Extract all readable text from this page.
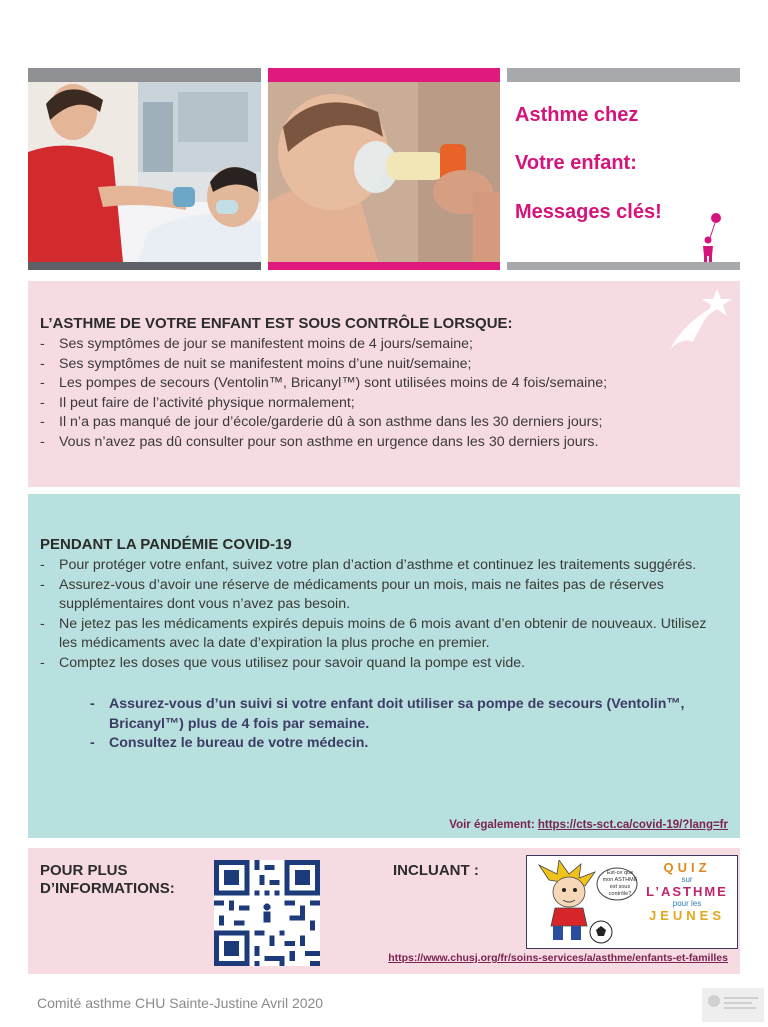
Asthme chez
Votre enfant:
Messages clés!
L’ASTHME DE VOTRE ENFANT EST SOUS CONTRÔLE LORSQUE:
- Ses symptômes de jour se manifestent moins de 4 jours/semaine;
- Ses symptômes de nuit se manifestent moins d’une nuit/semaine;
- Les pompes de secours (Ventolin™, Bricanyl™) sont utilisées moins de 4 fois/semaine;
- Il peut faire de l’activité physique normalement;
- Il n’a pas manqué de jour d’école/garderie dû à son asthme dans les 30 derniers jours;
- Vous n’avez pas dû consulter pour son asthme en urgence dans les 30 derniers jours.
PENDANT LA PANDÉMIE COVID-19
- Pour protéger votre enfant, suivez votre plan d’action d’asthme et continuez les traitements suggérés.
- Assurez-vous d’avoir une réserve de médicaments pour un mois, mais ne faites pas de réserves supplémentaires dont vous n’avez pas besoin.
- Ne jetez pas les médicaments expirés depuis moins de 6 mois avant d’en obtenir de nouveaux. Utilisez les médicaments avec la date d’expiration la plus proche en premier.
- Comptez les doses que vous utilisez pour savoir quand la pompe est vide.
- Assurez-vous d’un suivi si votre enfant doit utiliser sa pompe de secours (Ventolin™, Bricanyl™) plus de 4 fois par semaine.
- Consultez le bureau de votre médecin.
Voir également: https://cts-sct.ca/covid-19/?lang=fr
POUR PLUS D’INFORMATIONS:
INCLUANT :	Est-ce que mon ASTHME est sous contrôle?
QUIZ
sur
L’ASTHME
pour les
JEUNES
https://www.chusj.org/fr/soins-services/a/asthme/enfants-et-familles
Comité asthme CHU Sainte-Justine Avril 2020
